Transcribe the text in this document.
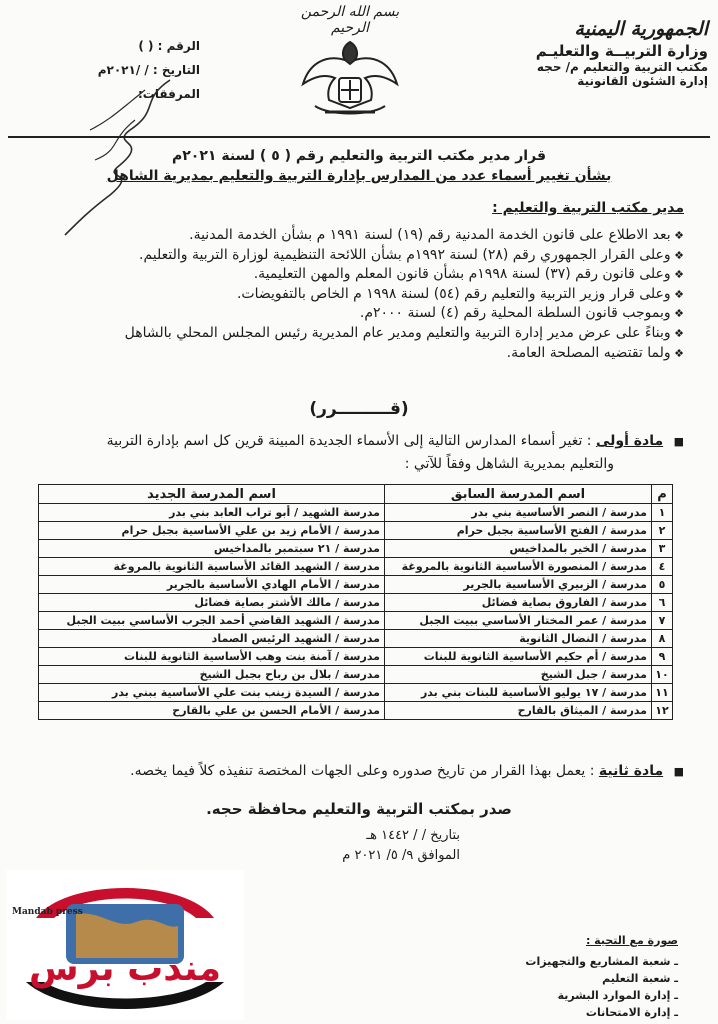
الجمهورية اليمنية
وزارة التربيــة والتعليـم
مكتب التربية والتعليم م/ حجه
إدارة الشئون القانونية
بسم الله الرحمن الرحيم
الرقم : ( )
التاريخ : / /٢٠٢١م
المرفقات:
قرار مدير مكتب التربية والتعليم رقم ( ٥ ) لسنة ٢٠٢١م
بشأن تغيير أسماء عدد من المدارس بإدارة التربية والتعليم بمديرية الشاهل
مدير مكتب التربية والتعليم :
❖ بعد الاطلاع على قانون الخدمة المدنية رقم (١٩) لسنة ١٩٩١ م بشأن الخدمة المدنية.
❖ وعلى القرار الجمهوري رقم (٢٨) لسنة ١٩٩٢م بشأن اللائحة التنظيمية لوزارة التربية والتعليم.
❖ وعلى قانون رقم (٣٧) لسنة ١٩٩٨م بشأن قانون المعلم والمهن التعليمية.
❖ وعلى قرار وزير التربية والتعليم رقم (٥٤) لسنة ١٩٩٨ م الخاص بالتفويضات.
❖ وبموجب قانون السلطة المحلية رقم (٤) لسنة ٢٠٠٠م.
❖ وبناءً على عرض مدير إدارة التربية والتعليم ومدير عام المديرية رئيس المجلس المحلي بالشاهل
❖ ولما تقتضيه المصلحة العامة.
(قـــــــــرر)
■ مادة أولى : تغير أسماء المدارس التالية إلى الأسماء الجديدة المبينة قرين كل اسم بإدارة التربية
والتعليم بمديرية الشاهل وفقاً للآتي :
م	اسم المدرسة السابق	اسم المدرسة الجديد
١	مدرسة / النصر الأساسية بني بدر	مدرسة الشهيد / أبو تراب العابد بني بدر
٢	مدرسة / الفتح الأساسية بجبل حرام	مدرسة / الأمام زيد بن علي الأساسية بجبل حرام
٣	مدرسة / الخير بالمداخيس	مدرسة / ٢١ سبتمبر بالمداخيس
٤	مدرسة / المنصورة الأساسية الثانوية بالمروغة	مدرسة / الشهيد القائد الأساسية الثانوية بالمروغة
٥	مدرسة / الزبيري الأساسية بالجرير	مدرسة / الأمام الهادي الأساسية بالجرير
٦	مدرسة / الفاروق بصاية فضائل	مدرسة / مالك الأشتر بصاية فضائل
٧	مدرسة / عمر المختار الأساسي ببيت الجبل	مدرسة / الشهيد القاضي أحمد الجرب الأساسي ببيت الجبل
٨	مدرسة / النضال الثانوية	مدرسة / الشهيد الرئيس الصماد
٩	مدرسة / أم حكيم الأساسية الثانوية للبنات	مدرسة / آمنة بنت وهب الأساسية الثانوية للبنات
١٠	مدرسة / جبل الشيخ	مدرسة / بلال بن رباح بجبل الشيخ
١١	مدرسة / ١٧ يوليو الأساسية للبنات بني بدر	مدرسة / السيدة زينب بنت علي الأساسية ببني بدر
١٢	مدرسة / الميثاق بالقارح	مدرسة / الأمام الحسن بن علي بالقارح
■ مادة ثانية : يعمل بهذا القرار من تاريخ صدوره وعلى الجهات المختصة تنفيذه كلاً فيما يخصه.
صدر بمكتب التربية والتعليم محافظة حجه.
بتاريخ / / ١٤٤٢ هـ
الموافق ٩/ ٥/ ٢٠٢١ م
صورة مع التحية :
ـ شعبة المشاريع والتجهيزات
ـ شعبة التعليم
ـ إدارة الموارد البشرية
ـ إدارة الامتحانات
Mandab press
مندب برس
